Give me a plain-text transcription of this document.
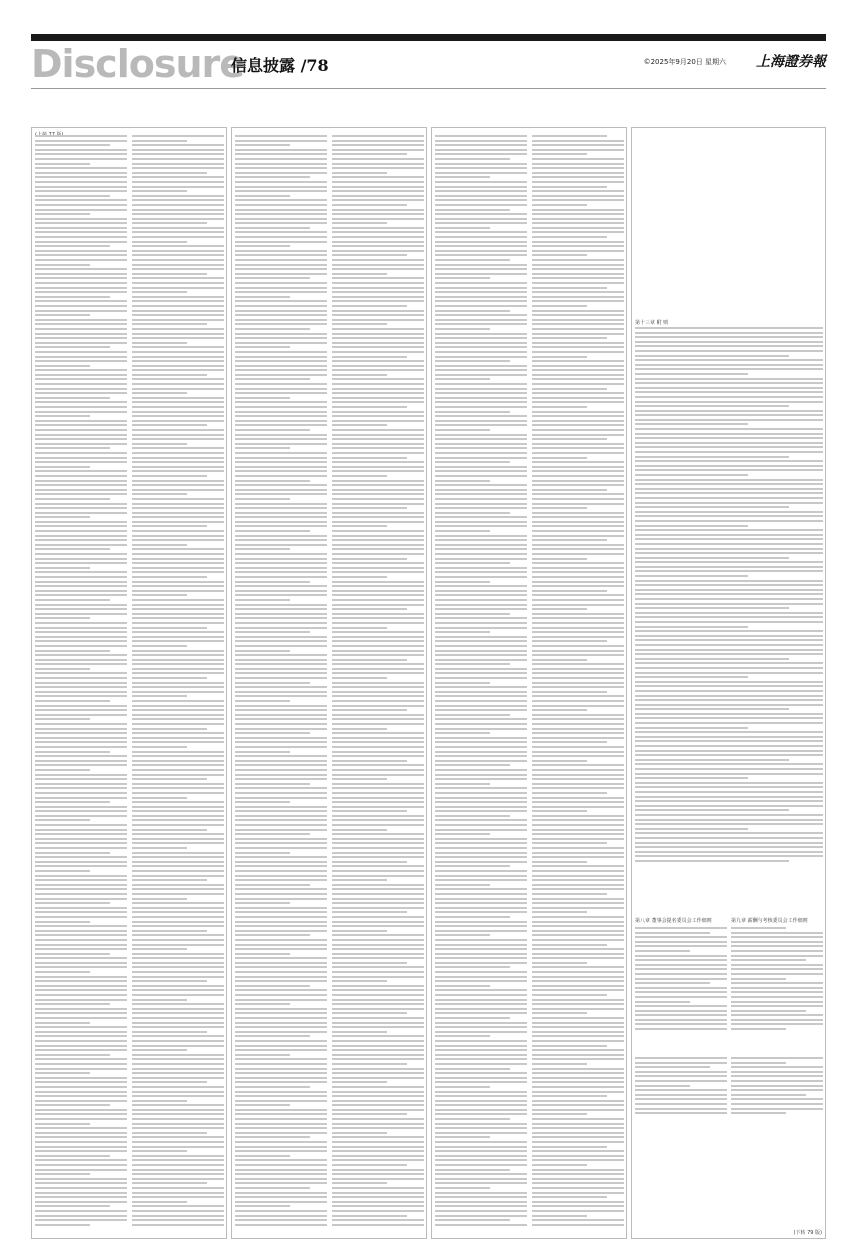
Disclosure
信息披露 /78	©2025年9月20日 星期六 上海證券報
第八章 董事会提名委员会工作细则	第九章 薪酬与考核委员会工作细则
第十三章 附 则
(下转 79 版)
